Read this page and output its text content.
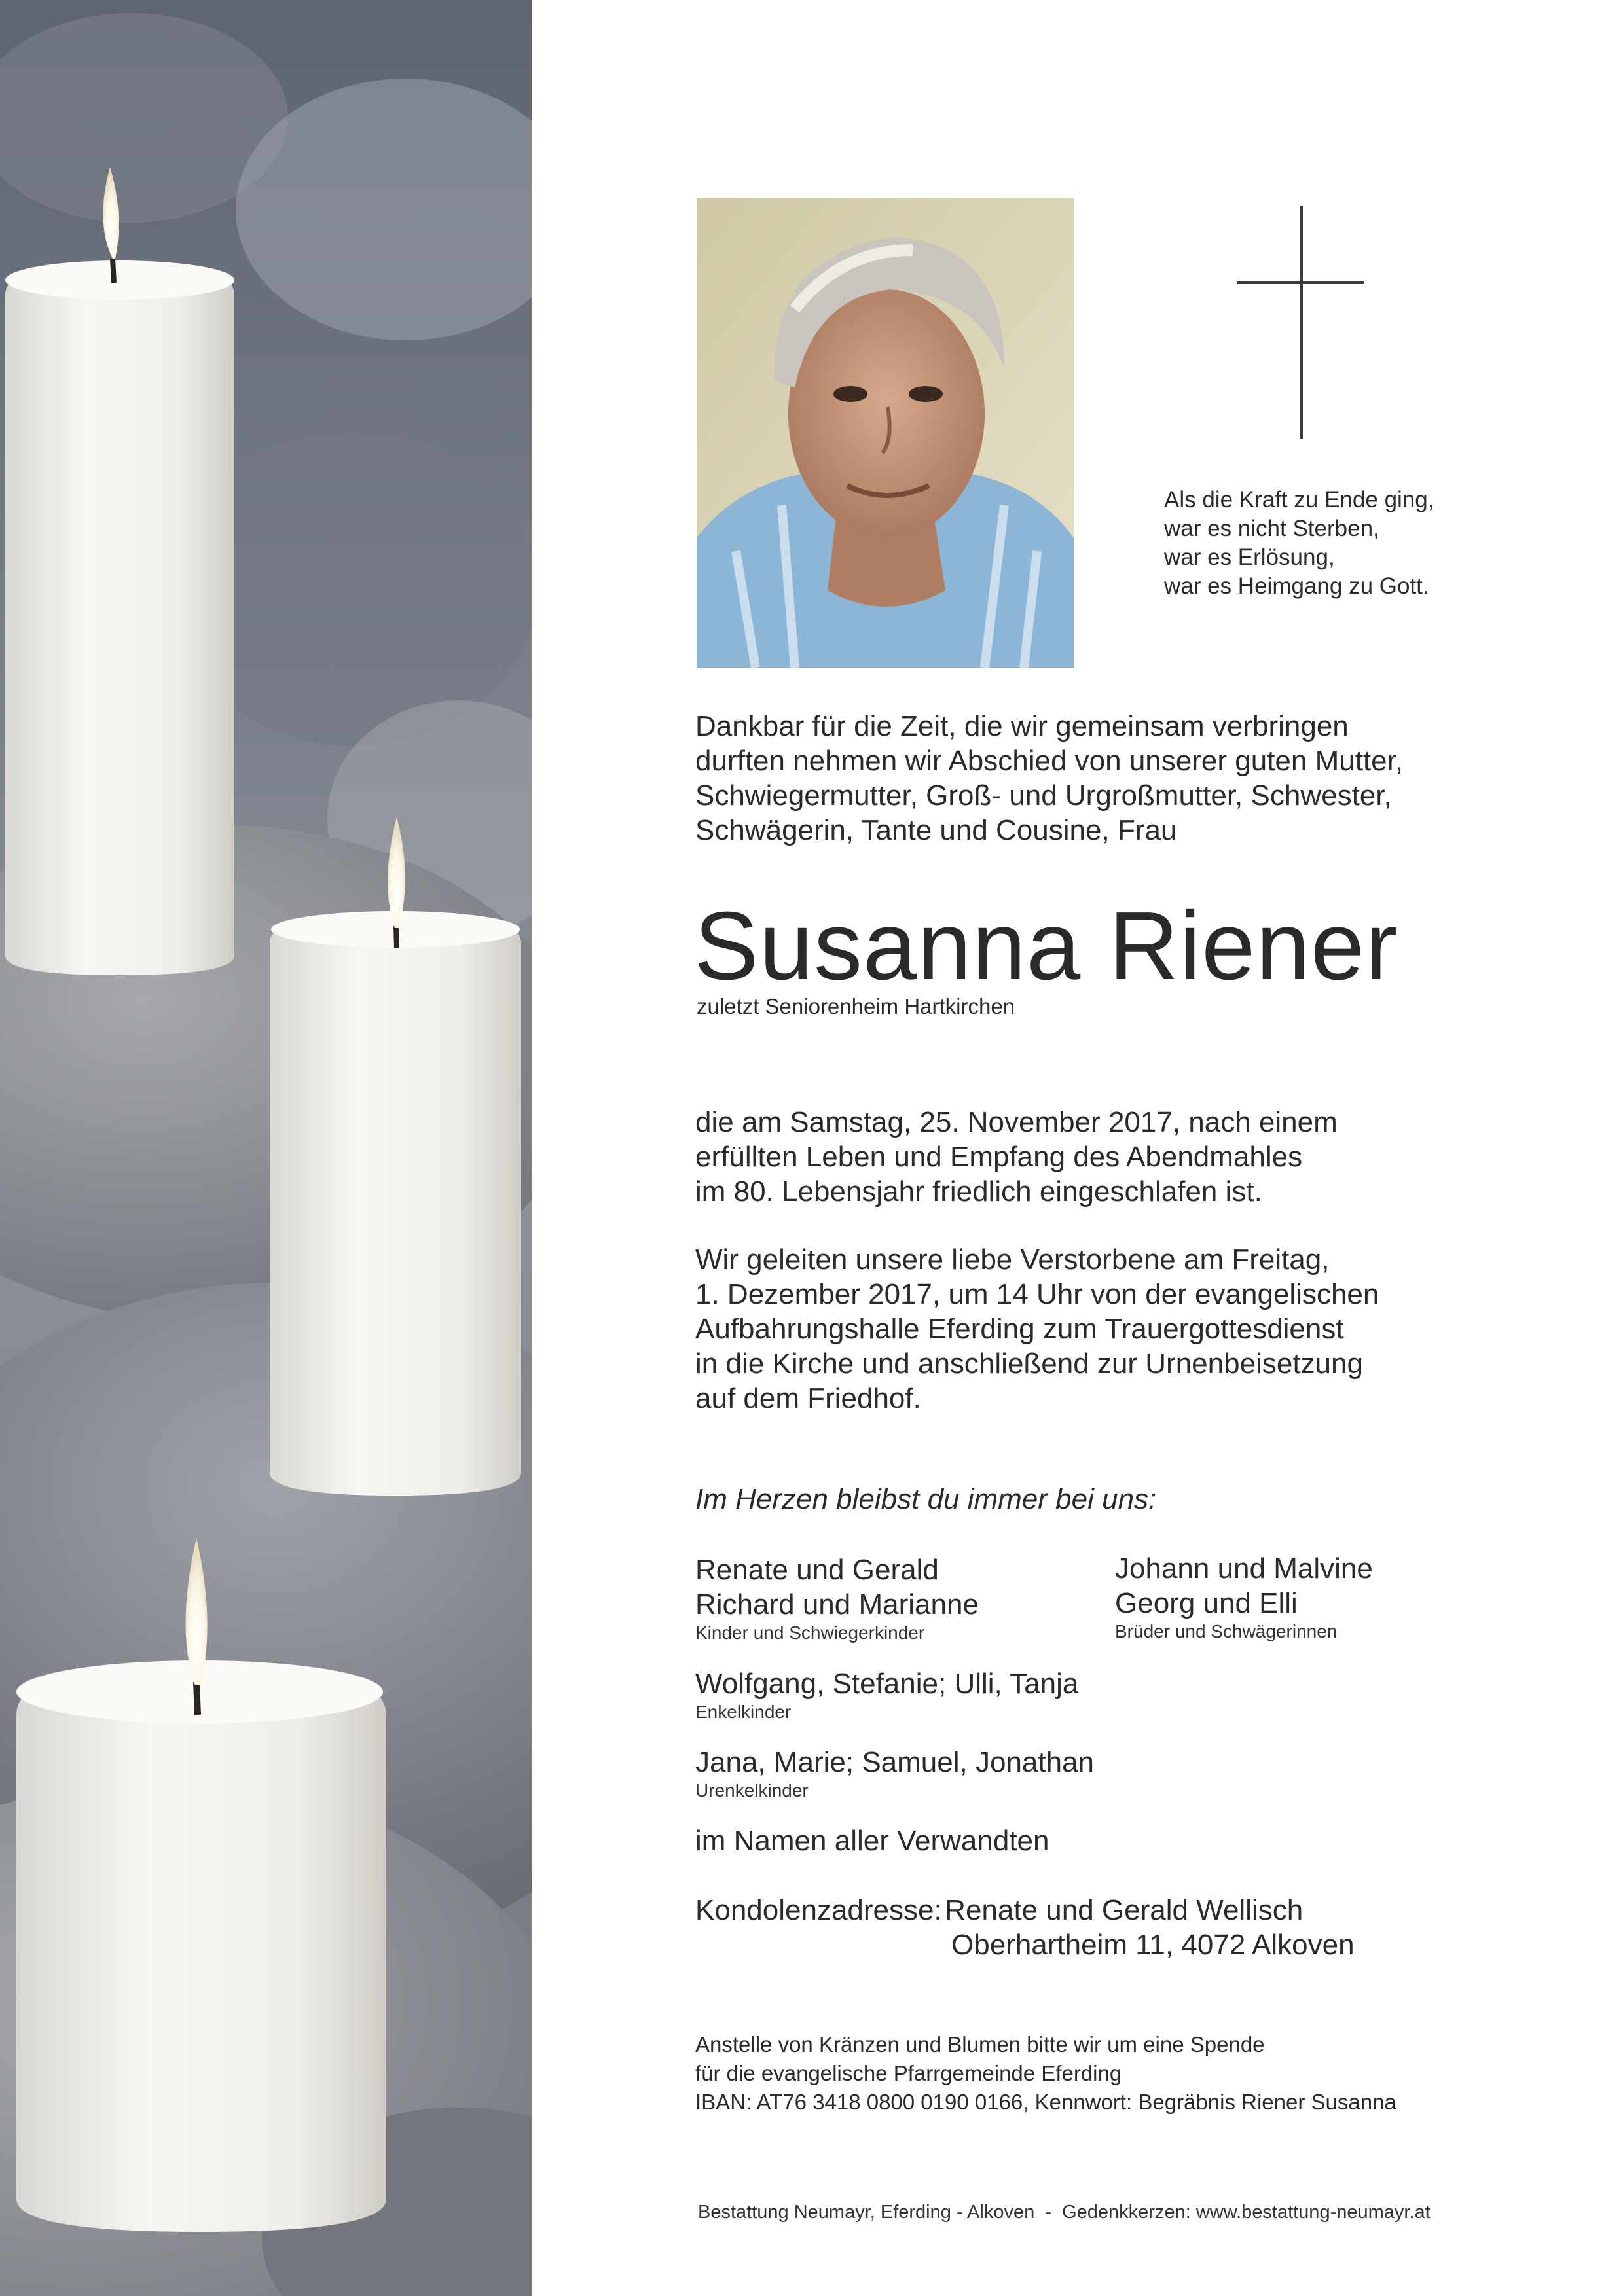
Als die Kraft zu Ende ging,
war es nicht Sterben,
war es Erlösung,
war es Heimgang zu Gott.
Dankbar für die Zeit, die wir gemeinsam verbringen
durften nehmen wir Abschied von unserer guten Mutter,
Schwiegermutter, Groß- und Urgroßmutter, Schwester,
Schwägerin, Tante und Cousine, Frau
Susanna Riener
zuletzt Seniorenheim Hartkirchen
die am Samstag, 25. November 2017, nach einem
erfüllten Leben und Empfang des Abendmahles
im 80. Lebensjahr friedlich eingeschlafen ist.
Wir geleiten unsere liebe Verstorbene am Freitag,
1. Dezember 2017, um 14 Uhr von der evangelischen
Aufbahrungshalle Eferding zum Trauergottesdienst
in die Kirche und anschließend zur Urnenbeisetzung
auf dem Friedhof.
Im Herzen bleibst du immer bei uns:
Renate und Gerald
Richard und Marianne
Kinder und Schwiegerkinder
Johann und Malvine
Georg und Elli
Brüder und Schwägerinnen
Wolfgang, Stefanie; Ulli, Tanja
Enkelkinder
Jana, Marie; Samuel, Jonathan
Urenkelkinder
im Namen aller Verwandten
Kondolenzadresse: Renate und Gerald Wellisch
Oberhartheim 11, 4072 Alkoven
Anstelle von Kränzen und Blumen bitte wir um eine Spende
für die evangelische Pfarrgemeinde Eferding
IBAN: AT76 3418 0800 0190 0166, Kennwort: Begräbnis Riener Susanna
Bestattung Neumayr, Eferding - Alkoven  -  Gedenkkerzen: www.bestattung-neumayr.at
